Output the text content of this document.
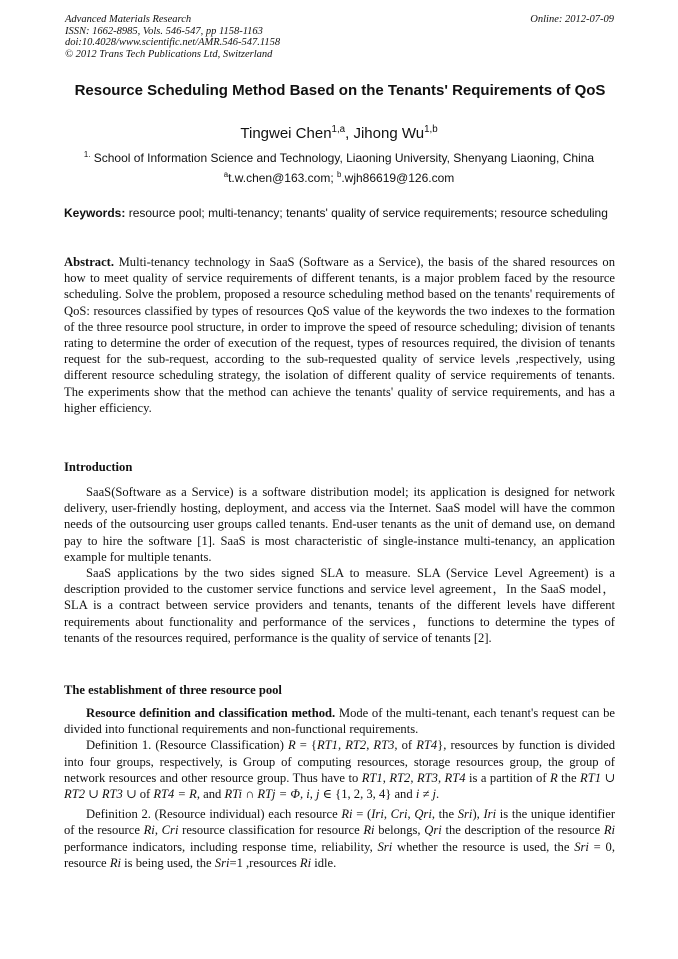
Advanced Materials Research
ISSN: 1662-8985, Vols. 546-547, pp 1158-1163
doi:10.4028/www.scientific.net/AMR.546-547.1158
© 2012 Trans Tech Publications Ltd, Switzerland
Online: 2012-07-09
Resource Scheduling Method Based on the Tenants' Requirements of QoS
Tingwei Chen$^{1,a}$, Jihong Wu$^{1,b}$
$^{1.}$ School of Information Science and Technology, Liaoning University, Shenyang Liaoning, China
$^a$t.w.chen@163.com; $^b$.wjh86619@126.com
Keywords: resource pool; multi-tenancy; tenants' quality of service requirements; resource scheduling

Abstract. Multi-tenancy technology in SaaS (Software as a Service), the basis of the shared resources on how to meet quality of service requirements of different tenants, is a major problem faced by the resource scheduling. Solve the problem, proposed a resource scheduling method based on the tenants' requirements of QoS: resources classified by types of resources QoS value of the keywords the two indexes to the formation of the three resource pool structure, in order to improve the speed of resource scheduling; division of tenants rating to determine the order of execution of the request, types of resources required, the division of tenants request for the sub-request, according to the sub-requested quality of service levels ,respectively, using different resource scheduling strategy, the isolation of different quality of service requirements of tenants. The experiments show that the method can achieve the tenants' quality of service requirements, and has a higher efficiency.

Introduction

SaaS(Software as a Service) is a software distribution model; its application is designed for network delivery, user-friendly hosting, deployment, and access via the Internet. SaaS model will have the common needs of the outsourcing user groups called tenants. End-user tenants as the unit of demand use, on demand pay to hire the software [1]. SaaS is most characteristic of single-instance multi-tenancy, an application example for multiple tenants.

SaaS applications by the two sides signed SLA to measure. SLA (Service Level Agreement) is a description provided to the customer service functions and service level agreement，In the SaaS model，SLA is a contract between service providers and tenants, tenants of the different levels have different requirements about functionality and performance of the services，functions to determine the types of tenants of the resources required, performance is the quality of service of tenants [2].

The establishment of three resource pool

Resource definition and classification method. Mode of the multi-tenant, each tenant's request can be divided into functional requirements and non-functional requirements.

Definition 1. (Resource Classification) R = {RT1, RT2, RT3, of RT4}, resources by function is divided into four groups, respectively, is Group of computing resources, storage resources group, the group of network resources and other resource group. Thus have to RT1, RT2, RT3, RT4 is a partition of R the RT1 ∪ RT2 ∪ RT3 ∪ of RT4 = R, and RTi ∩ RTj = Φ, i, j ∈ {1, 2, 3, 4} and i ≠ j.

Definition 2. (Resource individual) each resource Ri = (Iri, Cri, Qri, the Sri), Iri is the unique identifier of the resource Ri, Cri resource classification for resource Ri belongs, Qri the description of the resource Ri performance indicators, including response time, reliability, Sri whether the resource is used, the Sri = 0, resource Ri is being used, the Sri=1 ,resources Ri idle.
